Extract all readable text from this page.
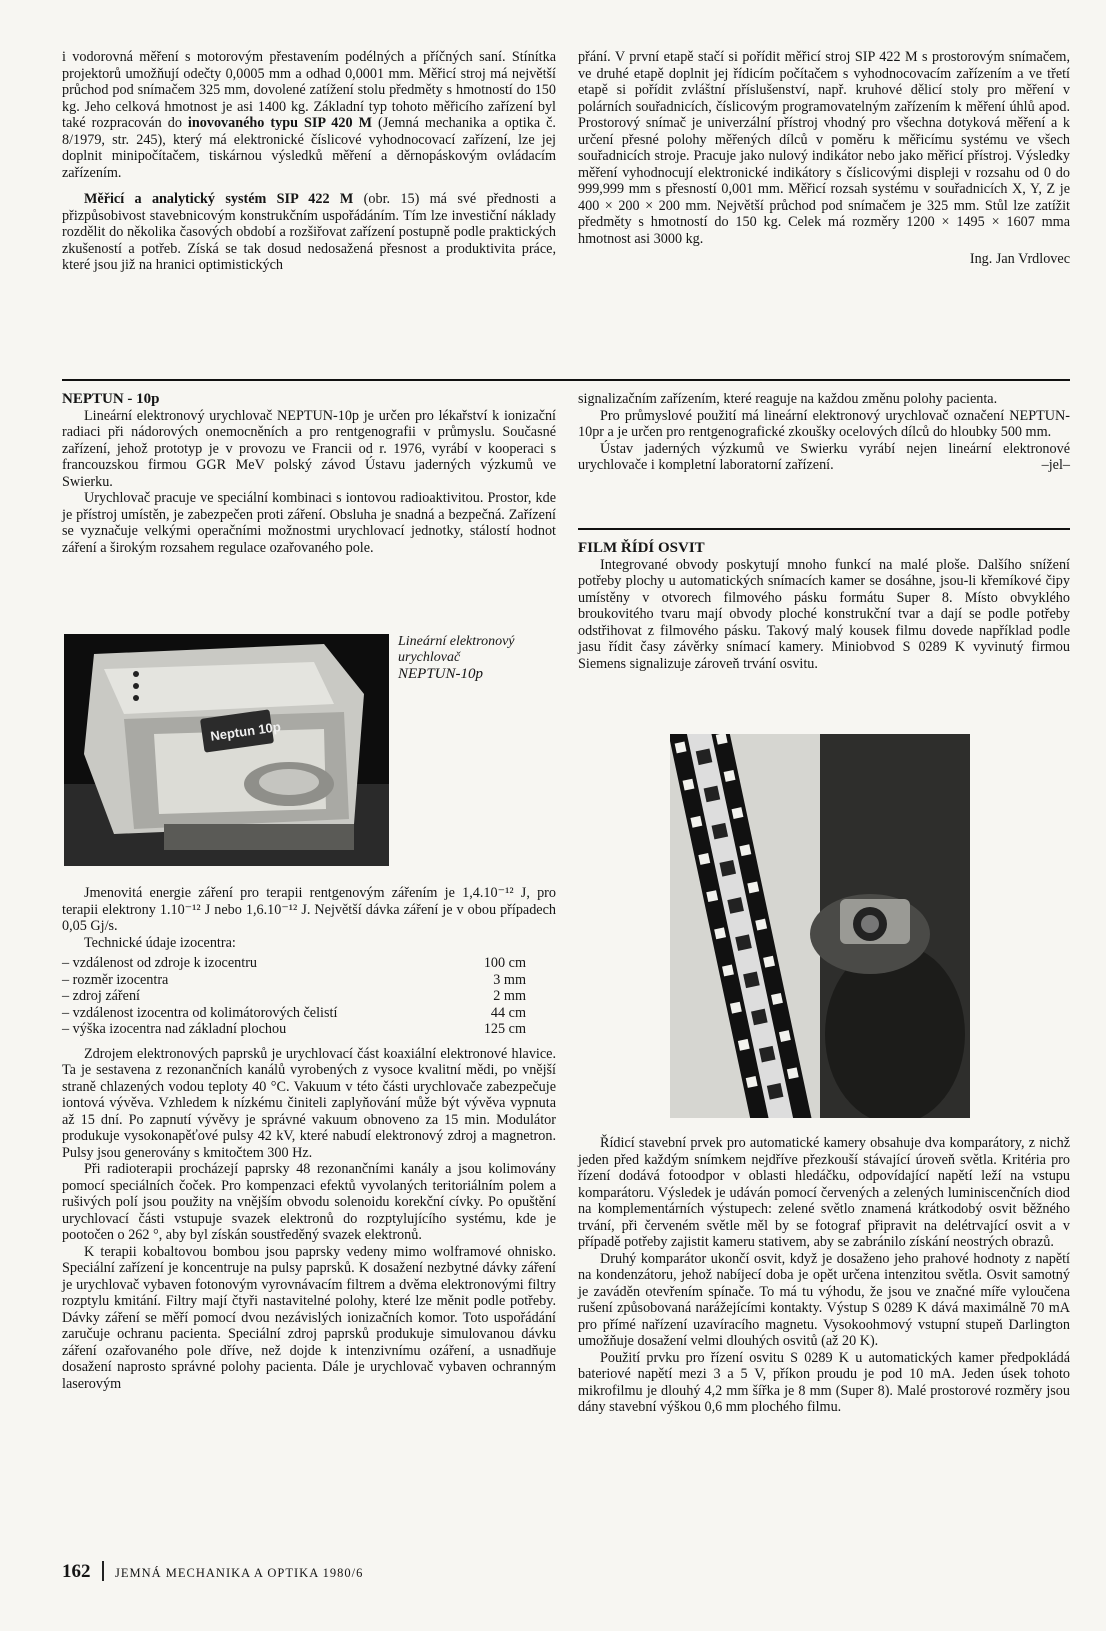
i vodorovná měření s motorovým přestavením podélných a příčných saní. Stínítka projektorů umožňují odečty 0,0005 mm a odhad 0,0001 mm. Měřicí stroj má největší průchod pod snímačem 325 mm, dovolené zatížení stolu předměty s hmotností do 150 kg. Jeho celková hmotnost je asi 1400 kg. Základní typ tohoto měřicího zařízení byl také rozpracován do inovovaného typu SIP 420 M (Jemná mechanika a optika č. 8/1979, str. 245), který má elektronické číslicové vyhodnocovací zařízení, lze jej doplnit minipočítačem, tiskárnou výsledků měření a děrnopáskovým ovládacím zařízením.

Měřicí a analytický systém SIP 422 M (obr. 15) má své přednosti a přizpůsobivost stavebnicovým konstrukčním uspořádáním. Tím lze investiční náklady rozdělit do několika časových období a rozšiřovat zařízení postupně podle praktických zkušeností a potřeb. Získá se tak dosud nedosažená přesnost a produktivita práce, které jsou již na hranici optimistických

přání. V první etapě stačí si pořídit měřicí stroj SIP 422 M s prostorovým snímačem, ve druhé etapě doplnit jej řídicím počítačem s vyhodnocovacím zařízením a ve třetí etapě si pořídit zvláštní příslušenství, např. kruhové dělicí stoly pro měření v polárních souřadnicích, číslicovým programovatelným zařízením k měření úhlů apod. Prostorový snímač je univerzální přístroj vhodný pro všechna dotyková měření a k určení přesné polohy měřených dílců v poměru k měřicímu systému ve všech souřadnicích stroje. Pracuje jako nulový indikátor nebo jako měřicí přístroj. Výsledky měření vyhodnocují elektronické indikátory s číslicovými displeji v rozsahu od 0 do 999,999 mm s přesností 0,001 mm. Měřicí rozsah systému v souřadnicích X, Y, Z je 400 × 200 × 200 mm. Největší průchod pod snímačem je 325 mm. Stůl lze zatížit předměty s hmotností do 150 kg. Celek má rozměry 1200 × 1495 × 1607 mma hmotnost asi 3000 kg.

Ing. Jan Vrdlovec

NEPTUN - 10p

Lineární elektronový urychlovač NEPTUN-10p je určen pro lékařství k ionizační radiaci při nádorových onemocněních a pro rentgenografii v průmyslu. Současné zařízení, jehož prototyp je v provozu ve Francii od r. 1976, vyrábí v kooperaci s francouzskou firmou GGR MeV polský závod Ústavu jaderných výzkumů ve Swierku.

Urychlovač pracuje ve speciální kombinaci s iontovou radioaktivitou. Prostor, kde je přístroj umístěn, je zabezpečen proti záření. Obsluha je snadná a bezpečná. Zařízení se vyznačuje velkými operačními možnostmi urychlovací jednotky, stálostí hodnot záření a širokým rozsahem regulace ozařovaného pole.

Neptun 10p
Lineární elektronový
urychlovač
NEPTUN-10p

Jmenovitá energie záření pro terapii rentgenovým zářením je 1,4.10⁻¹² J, pro terapii elektrony 1.10⁻¹² J nebo 1,6.10⁻¹² J. Největší dávka záření je v obou případech 0,05 Gj/s.

Technické údaje izocentra:

– vzdálenost od zdroje k izocentru	100 cm
– rozměr izocentra	3 mm
– zdroj záření	2 mm
– vzdálenost izocentra od kolimátorových čelistí	44 cm
– výška izocentra nad základní plochou	125 cm

Zdrojem elektronových paprsků je urychlovací část koaxiální elektronové hlavice. Ta je sestavena z rezonančních kanálů vyrobených z vysoce kvalitní mědi, po vnější straně chlazených vodou teploty 40 °C. Vakuum v této části urychlovače zabezpečuje iontová vývěva. Vzhledem k nízkému činiteli zaplyňování může být vývěva vypnuta až 15 dní. Po zapnutí vývěvy je správné vakuum obnoveno za 15 min. Modulátor produkuje vysokonapěťové pulsy 42 kV, které nabudí elektronový zdroj a magnetron. Pulsy jsou generovány s kmitočtem 300 Hz.

Při radioterapii procházejí paprsky 48 rezonančními kanály a jsou kolimovány pomocí speciálních čoček. Pro kompenzaci efektů vyvolaných teritoriálním polem a rušivých polí jsou použity na vnějším obvodu solenoidu korekční cívky. Po opuštění urychlovací části vstupuje svazek elektronů do rozptylujícího systému, kde je pootočen o 262 °, aby byl získán soustředěný svazek elektronů.

K terapii kobaltovou bombou jsou paprsky vedeny mimo wolframové ohnisko. Speciální zařízení je koncentruje na pulsy paprsků. K dosažení nezbytné dávky záření je urychlovač vybaven fotonovým vyrovnávacím filtrem a dvěma elektronovými filtry rozptylu kmitání. Filtry mají čtyři nastavitelné polohy, které lze měnit podle potřeby. Dávky záření se měří pomocí dvou nezávislých ionizačních komor. Toto uspořádání zaručuje ochranu pacienta. Speciální zdroj paprsků produkuje simulovanou dávku záření ozařovaného pole dříve, než dojde k intenzivnímu ozáření, a usnadňuje dosažení naprosto správné polohy pacienta. Dále je urychlovač vybaven ochranným laserovým

signalizačním zařízením, které reaguje na každou změnu polohy pacienta.

Pro průmyslové použití má lineární elektronový urychlovač označení NEPTUN-10pr a je určen pro rentgenografické zkoušky ocelových dílců do hloubky 500 mm.

Ústav jaderných výzkumů ve Swierku vyrábí nejen lineární elektronové urychlovače i kompletní laboratorní zařízení.	–jel–

FILM ŘÍDÍ OSVIT

Integrované obvody poskytují mnoho funkcí na malé ploše. Dalšího snížení potřeby plochy u automatických snímacích kamer se dosáhne, jsou-li křemíkové čipy umístěny v otvorech filmového pásku formátu Super 8. Místo obvyklého broukovitého tvaru mají obvody ploché konstrukční tvar a dají se podle potřeby odstřihovat z filmového pásku. Takový malý kousek filmu dovede například podle jasu řídit časy závěrky snímací kamery. Miniobvod S 0289 K vyvinutý firmou Siemens signalizuje zároveň trvání osvitu.

Řídicí stavební prvek pro automatické kamery obsahuje dva komparátory, z nichž jeden před každým snímkem nejdříve přezkouší stávající úroveň světla. Kritéria pro řízení dodává fotoodpor v oblasti hledáčku, odpovídající napětí leží na vstupu komparátoru. Výsledek je udáván pomocí červených a zelených luminiscenčních diod na komplementárních výstupech: zelené světlo znamená krátkodobý osvit běžného trvání, při červeném světle měl by se fotograf připravit na delétrvající osvit a v případě potřeby zajistit kameru stativem, aby se zabránilo získání neostrých obrazů.

Druhý komparátor ukončí osvit, když je dosaženo jeho prahové hodnoty z napětí na kondenzátoru, jehož nabíjecí doba je opět určena intenzitou světla. Osvit samotný je zaváděn otevřením spínače. To má tu výhodu, že jsou ve značné míře vyloučena rušení způsobovaná narážejícími kontakty. Výstup S 0289 K dává maximálně 70 mA pro přímé nařízení uzavíracího magnetu. Vysokoohmový vstupní stupeň Darlington umožňuje dosažení velmi dlouhých osvitů (až 20 K).

Použití prvku pro řízení osvitu S 0289 K u automatických kamer předpokládá bateriové napětí mezi 3 a 5 V, příkon proudu je pod 10 mA. Jeden úsek tohoto mikrofilmu je dlouhý 4,2 mm šířka je 8 mm (Super 8). Malé prostorové rozměry jsou dány stavební výškou 0,6 mm plochého filmu.

162 JEMNÁ MECHANIKA A OPTIKA 1980/6
